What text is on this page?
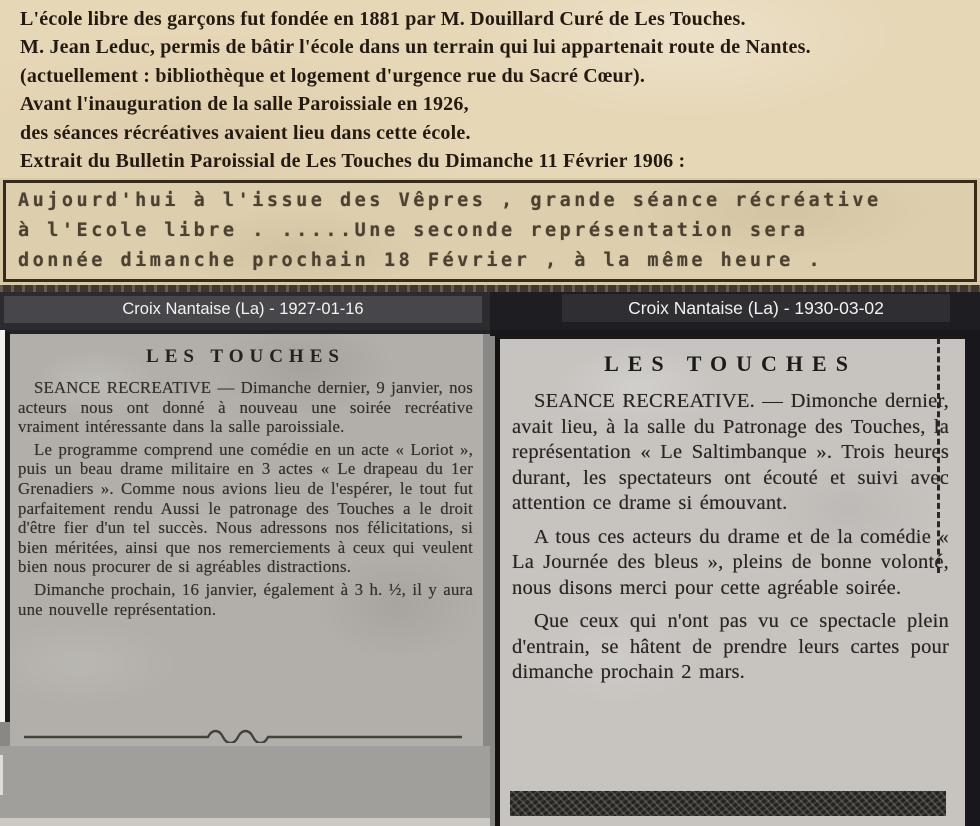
L'école libre des garçons fut fondée en 1881 par M. Douillard Curé de Les Touches.
M. Jean Leduc, permis de bâtir l'école dans un terrain qui lui appartenait route de Nantes.
(actuellement : bibliothèque et logement d'urgence rue du Sacré Cœur).
Avant l'inauguration de la salle Paroissiale en 1926,
des séances récréatives avaient lieu dans cette école.
Extrait du Bulletin Paroissial de Les Touches du Dimanche 11 Février 1906 :
Aujourd'hui à l'issue des Vêpres , grande séance récréative
à l'Ecole libre . .....Une seconde représentation sera
donnée dimanche prochain 18 Février , à la même heure .
Croix Nantaise (La) - 1927-01-16	Croix Nantaise (La) - 1930-03-02
LES TOUCHES

SEANCE RECREATIVE — Dimanche dernier, 9 janvier, nos acteurs nous ont donné à nouveau une soirée recréative vraiment intéressante dans la salle paroissiale.

Le programme comprend une comédie en un acte « Loriot », puis un beau drame militaire en 3 actes « Le drapeau du 1er Grenadiers ». Comme nous avions lieu de l'espérer, le tout fut parfaitement rendu Aussi le patronage des Touches a le droit d'être fier d'un tel succès. Nous adressons nos félicitations, si bien méritées, ainsi que nos remerciements à ceux qui veulent bien nous procurer de si agréables distractions.

Dimanche prochain, 16 janvier, également à 3 h. ½, il y aura une nouvelle représentation.

LES TOUCHES

SEANCE RECREATIVE. — Dimonche dernier, avait lieu, à la salle du Patronage des Touches, la représentation « Le Saltimbanque ». Trois heures durant, les spectateurs ont écouté et suivi avec attention ce drame si émouvant.

A tous ces acteurs du drame et de la comédie « La Journée des bleus », pleins de bonne volonté, nous disons merci pour cette agréable soirée.

Que ceux qui n'ont pas vu ce spectacle plein d'entrain, se hâtent de prendre leurs cartes pour dimanche prochain 2 mars.
